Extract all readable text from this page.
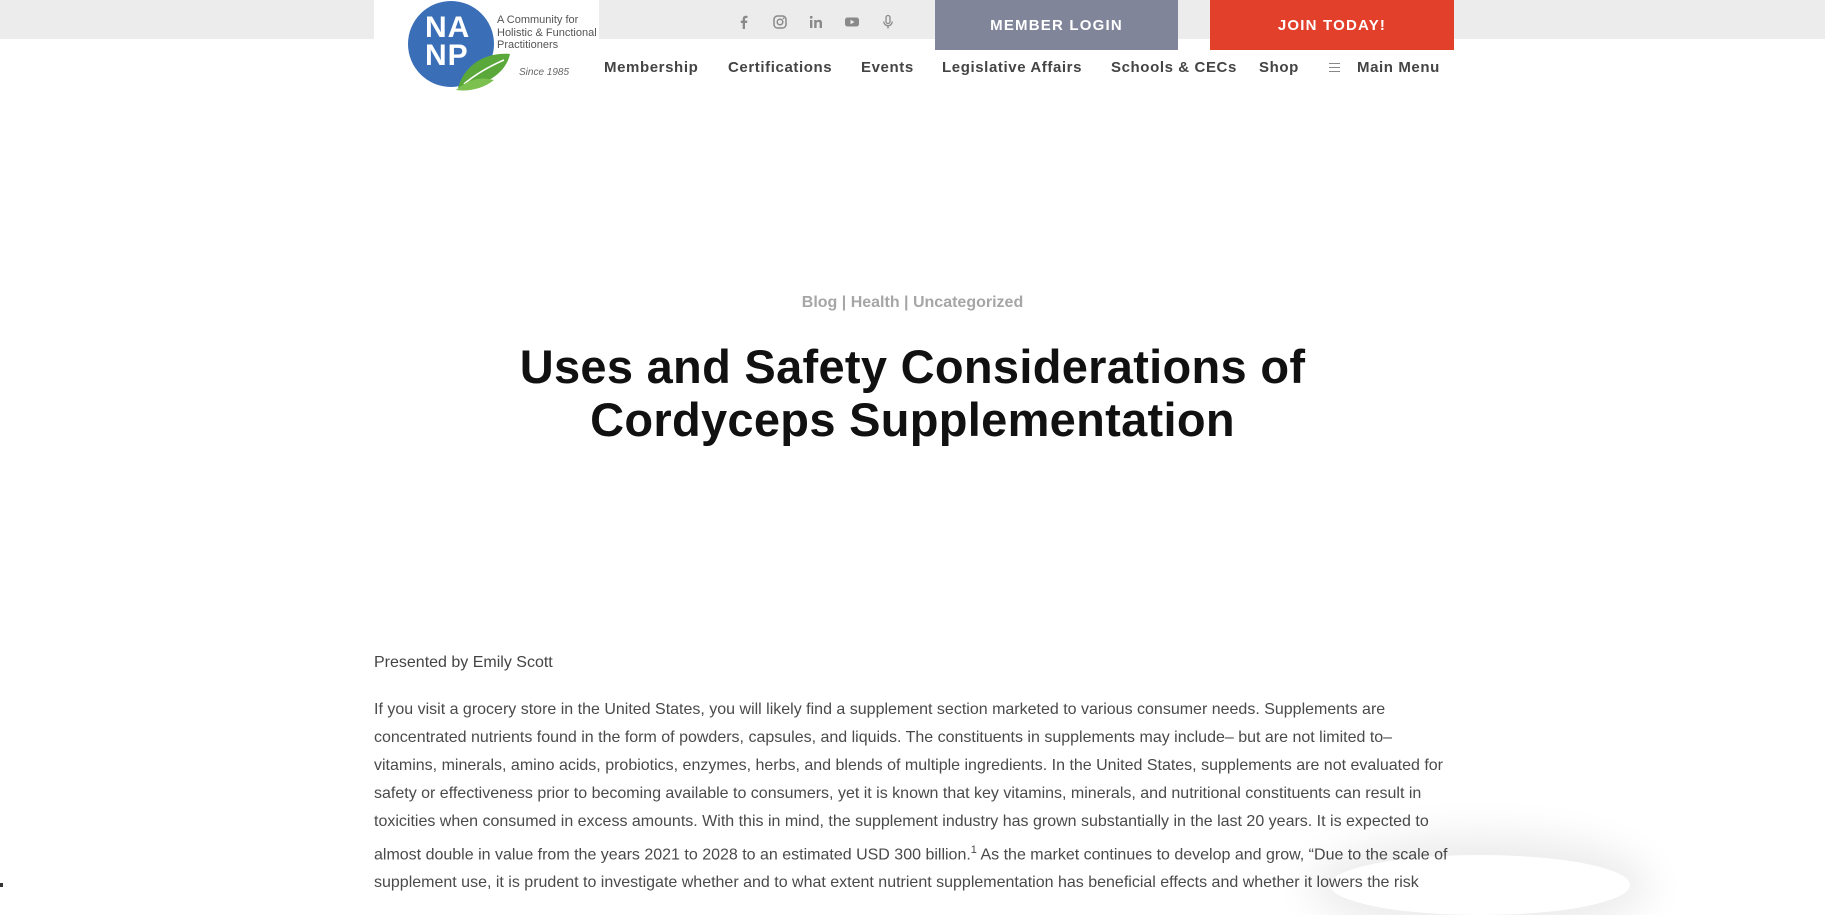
NA
NP
A Community for Holistic & Functional Practitioners
Since 1985
MEMBER LOGIN	JOIN TODAY!
Membership Certifications Events Legislative Affairs Schools & CECs Shop	Main Menu
Blog | Health | Uncategorized
Uses and Safety Considerations of
Cordyceps Supplementation
Presented by Emily Scott

If you visit a grocery store in the United States, you will likely find a supplement section marketed to various consumer needs. Supplements are concentrated nutrients found in the form of powders, capsules, and liquids. The constituents in supplements may include– but are not limited to– vitamins, minerals, amino acids, probiotics, enzymes, herbs, and blends of multiple ingredients. In the United States, supplements are not evaluated for safety or effectiveness prior to becoming available to consumers, yet it is known that key vitamins, minerals, and nutritional constituents can result in toxicities when consumed in excess amounts. With this in mind, the supplement industry has grown substantially in the last 20 years. It is expected to almost double in value from the years 2021 to 2028 to an estimated USD 300 billion.$^1$ As the market continues to develop and grow, “Due to the scale of supplement use, it is prudent to investigate whether and to what extent nutrient supplementation has beneficial effects and whether it lowers the risk
